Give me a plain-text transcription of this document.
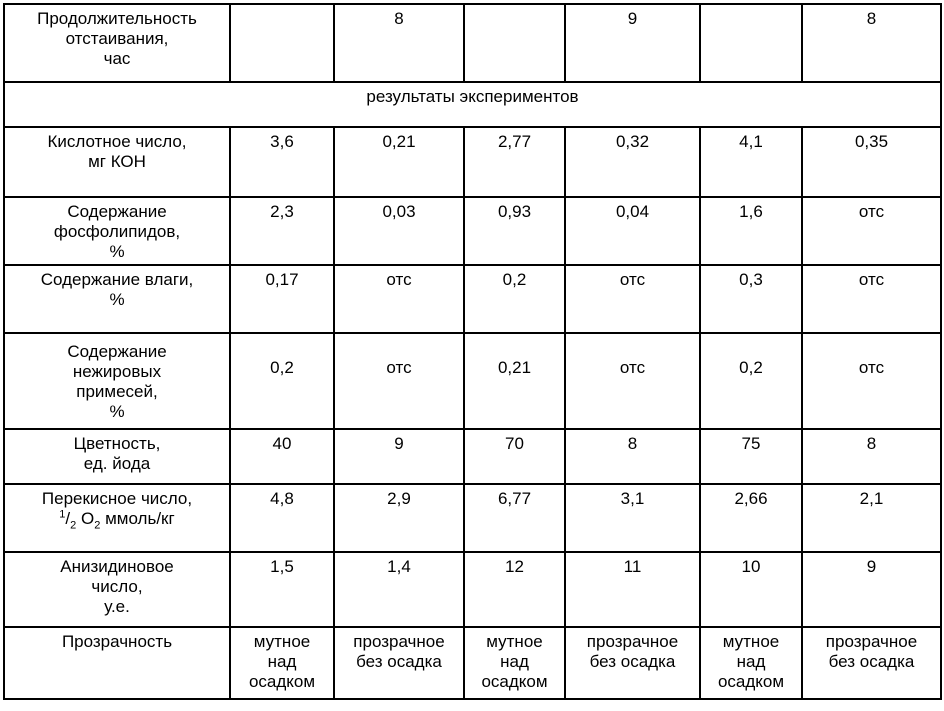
Продолжительность
отстаивания,
час		8		9		8
результаты экспериментов						

Кислотное число,
мг КОН	3,6	0,21	2,77	0,32	4,1	0,35

Содержание
фосфолипидов,
%	2,3	0,03	0,93	0,04	1,6	отс

Содержание влаги,
%	0,17	отс	0,2	отс	0,3	отс

Содержание
нежировых
примесей,
%	0,2	отс	0,21	отс	0,2	отс

Цветность,
ед. йода	40	9	70	8	75	8

Перекисное число,
$^1/_2$ $O_2$ ммоль/кг	4,8	2,9	6,77	3,1	2,66	2,1

Анизидиновое
число,
у.е.	1,5	1,4	12	11	10	9
Прозрачность	мутное
над
осадком	прозрачное
без осадка	мутное
над
осадком	прозрачное
без осадка	мутное
над
осадком	прозрачное
без осадка
